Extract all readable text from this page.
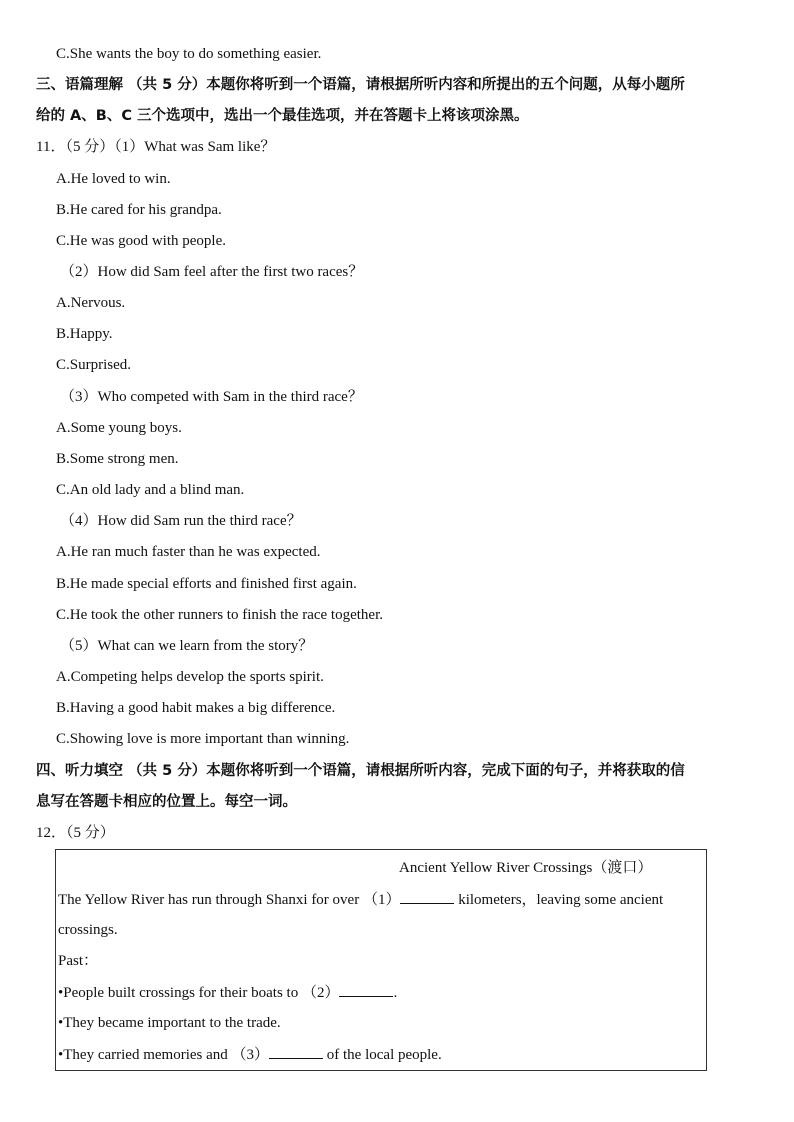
C.She wants the boy to do something easier.
三、语篇理解 （共 5 分）本题你将听到一个语篇，请根据所听内容和所提出的五个问题，从每小题所
给的 A、B、C 三个选项中，选出一个最佳选项，并在答题卡上将该项涂黑。
11．（5 分）（1）What was Sam like？
A.He loved to win.
B.He cared for his grandpa.
C.He was good with people.
（2）How did Sam feel after the first two races？
A.Nervous.
B.Happy.
C.Surprised.
（3）Who competed with Sam in the third race？
A.Some young boys.
B.Some strong men.
C.An old lady and a blind man.
（4）How did Sam run the third race？
A.He ran much faster than he was expected.
B.He made special efforts and finished first again.
C.He took the other runners to finish the race together.
（5）What can we learn from the story？
A.Competing helps develop the sports spirit.
B.Having a good habit makes a big difference.
C.Showing love is more important than winning.
四、听力填空 （共 5 分）本题你将听到一个语篇，请根据所听内容，完成下面的句子，并将获取的信
息写在答题卡相应的位置上。每空一词。
12．（5 分）
Ancient Yellow River Crossings（渡口）
The Yellow River has run through Shanxi for over （1）	kilometers，leaving some ancient
crossings.
Past：
•People built crossings for their boats to （2）	.
•They became important to the trade.
•They carried memories and （3）	of the local people.
